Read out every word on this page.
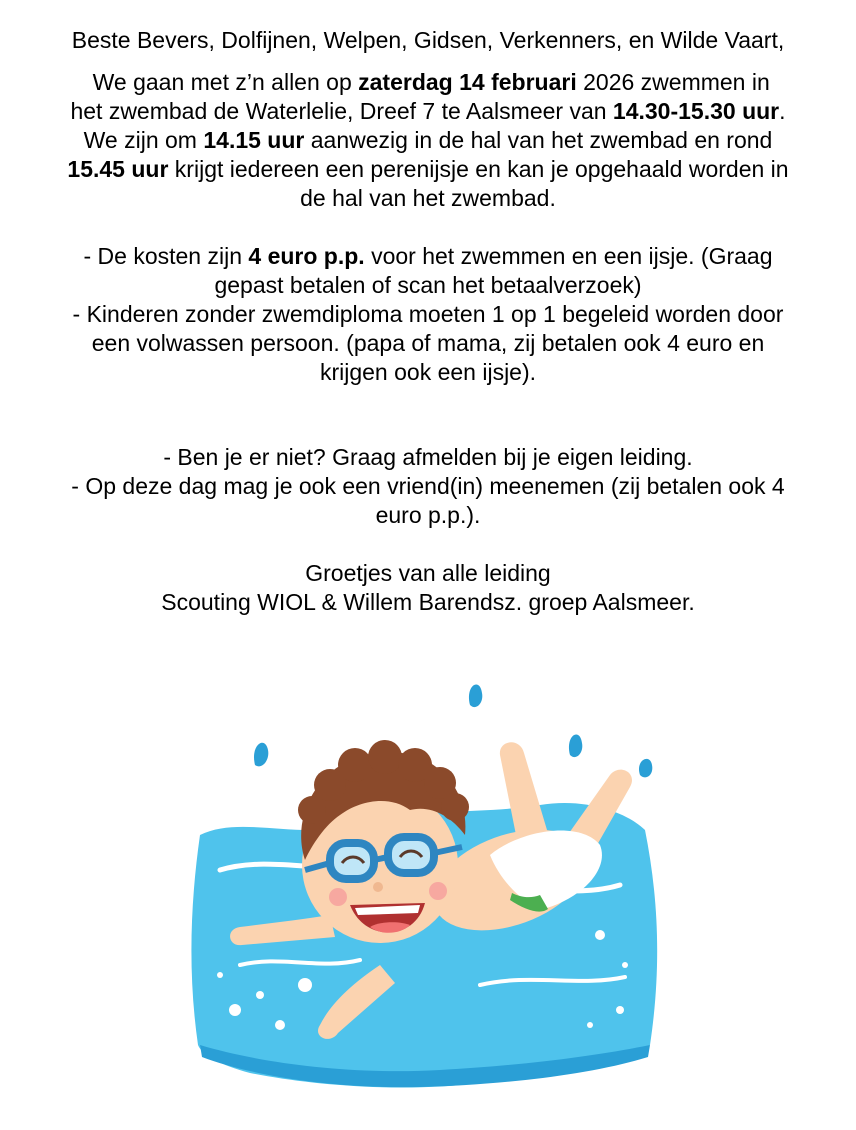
Beste Bevers, Dolfijnen, Welpen, Gidsen, Verkenners, en Wilde Vaart,
We gaan met z’n allen op zaterdag 14 februari 2026 zwemmen in
het zwembad de Waterlelie, Dreef 7 te Aalsmeer van 14.30-15.30 uur.
We zijn om 14.15 uur aanwezig in de hal van het zwembad en rond
15.45 uur krijgt iedereen een perenijsje en kan je opgehaald worden in
de hal van het zwembad.
- De kosten zijn 4 euro p.p. voor het zwemmen en een ijsje. (Graag
gepast betalen of scan het betaalverzoek)
- Kinderen zonder zwemdiploma moeten 1 op 1 begeleid worden door
een volwassen persoon. (papa of mama, zij betalen ook 4 euro en
krijgen ook een ijsje).
- Ben je er niet? Graag afmelden bij je eigen leiding.
- Op deze dag mag je ook een vriend(in) meenemen (zij betalen ook 4
euro p.p.).
Groetjes van alle leiding
Scouting WIOL & Willem Barendsz. groep Aalsmeer.
